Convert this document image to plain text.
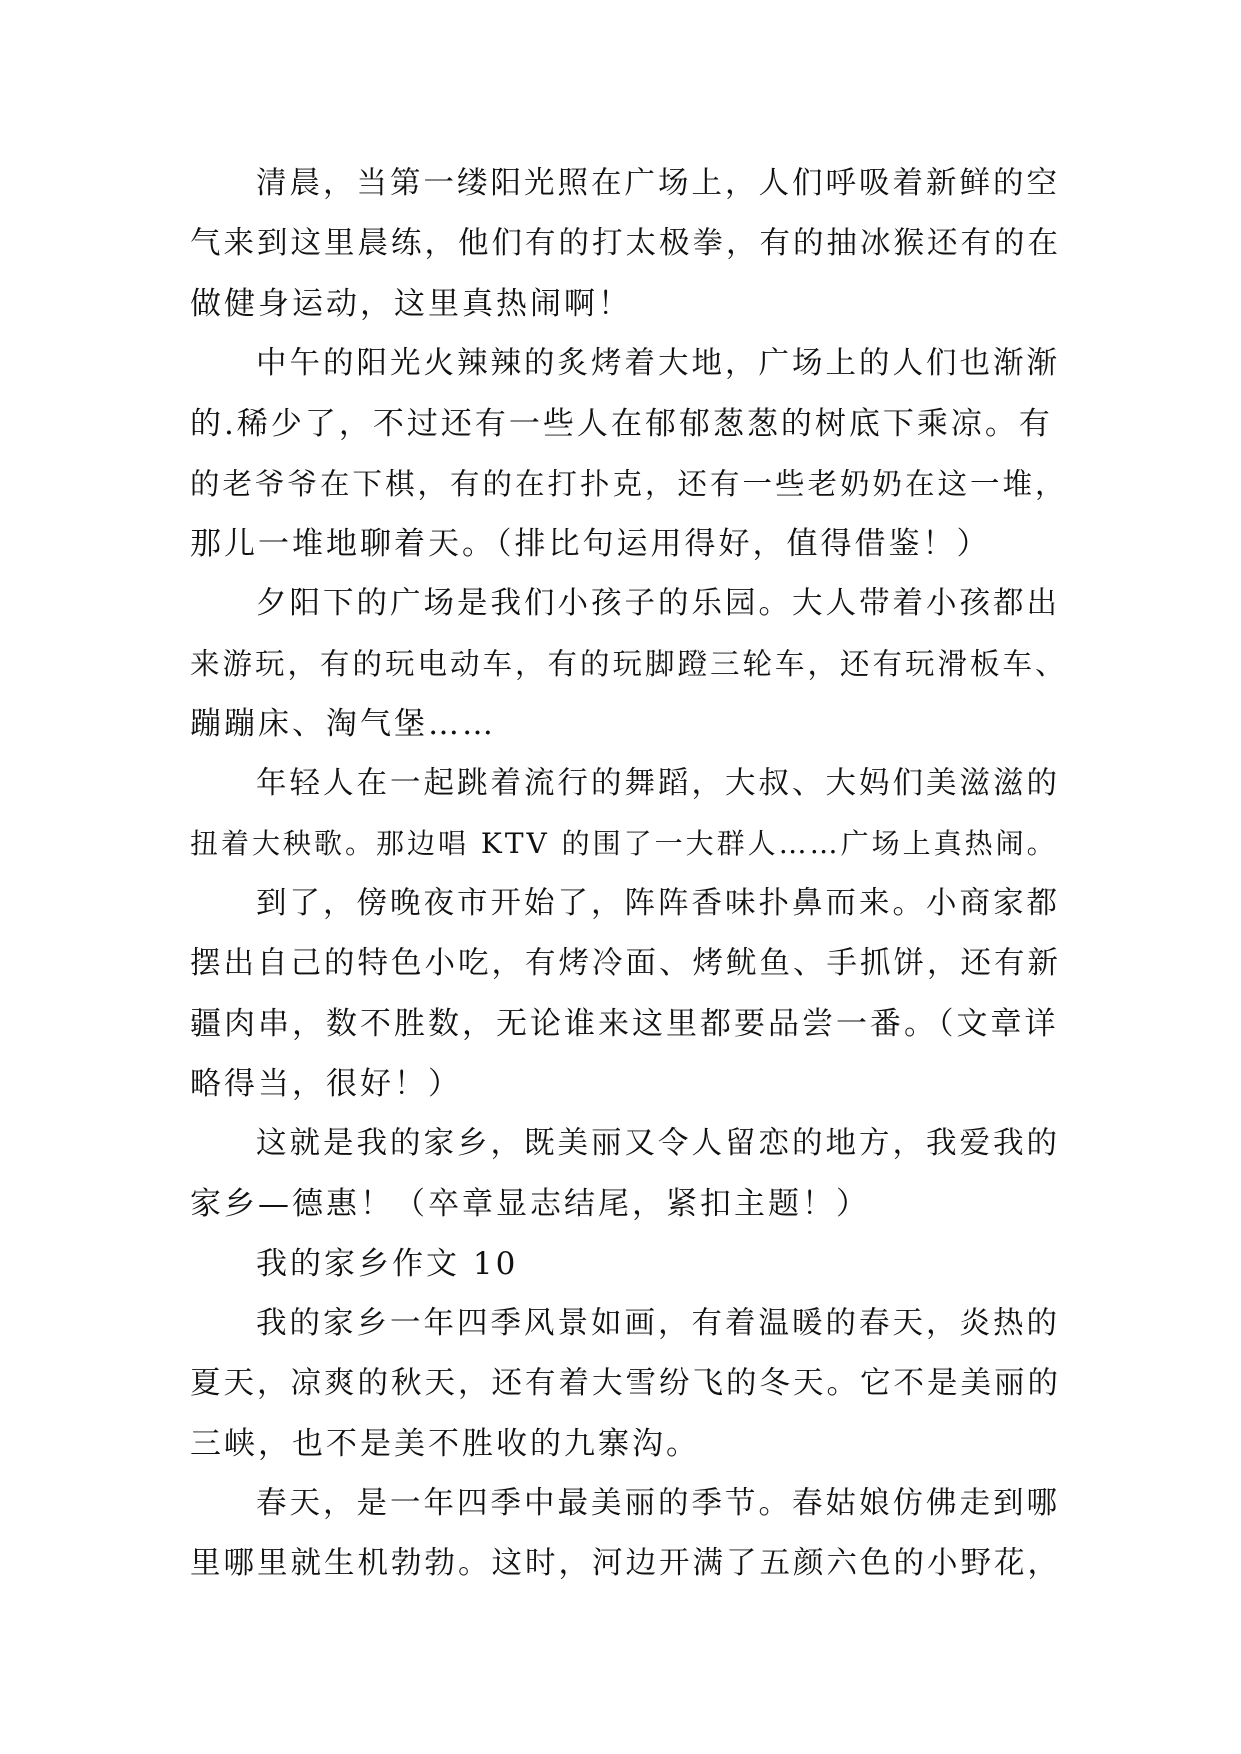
清晨，当第一缕阳光照在广场上，人们呼吸着新鲜的空
气来到这里晨练，他们有的打太极拳，有的抽冰猴还有的在
做健身运动，这里真热闹啊！
中午的阳光火辣辣的炙烤着大地，广场上的人们也渐渐
的.稀少了，不过还有一些人在郁郁葱葱的树底下乘凉。有
的老爷爷在下棋，有的在打扑克，还有一些老奶奶在这一堆，
那儿一堆地聊着天。（排比句运用得好，值得借鉴！）
夕阳下的广场是我们小孩子的乐园。大人带着小孩都出
来游玩，有的玩电动车，有的玩脚蹬三轮车，还有玩滑板车、
蹦蹦床、淘气堡……
年轻人在一起跳着流行的舞蹈，大叔、大妈们美滋滋的
扭着大秧歌。那边唱 KTV 的围了一大群人……广场上真热闹。
到了，傍晚夜市开始了，阵阵香味扑鼻而来。小商家都
摆出自己的特色小吃，有烤冷面、烤鱿鱼、手抓饼，还有新
疆肉串，数不胜数，无论谁来这里都要品尝一番。（文章详
略得当，很好！）
这就是我的家乡，既美丽又令人留恋的地方，我爱我的
家乡—德惠！（卒章显志结尾，紧扣主题！）
我的家乡作文 10
我的家乡一年四季风景如画，有着温暖的春天，炎热的
夏天，凉爽的秋天，还有着大雪纷飞的冬天。它不是美丽的
三峡，也不是美不胜收的九寨沟。
春天，是一年四季中最美丽的季节。春姑娘仿佛走到哪
里哪里就生机勃勃。这时，河边开满了五颜六色的小野花，
